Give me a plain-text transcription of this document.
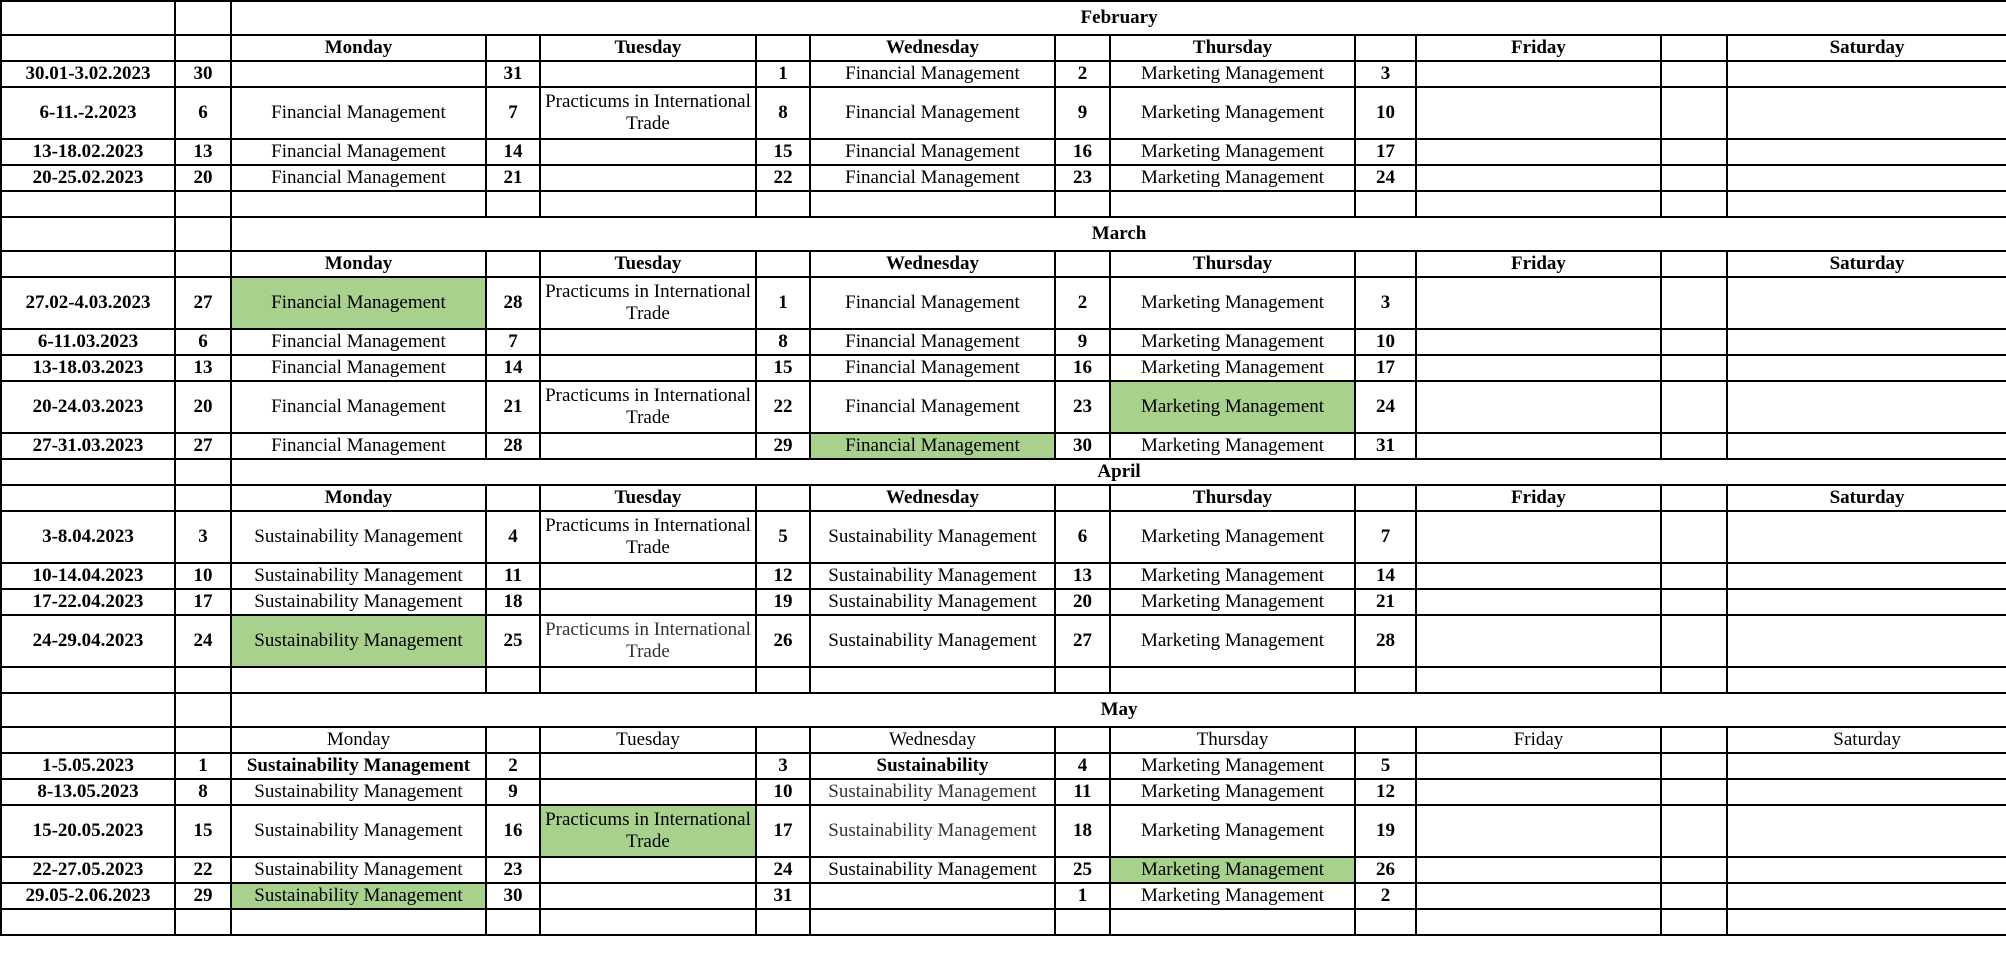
		February										
		Monday		Tuesday		Wednesday		Thursday		Friday		Saturday
30.01-3.02.2023	30		31		1	Financial Management	2	Marketing Management	3			
6-11.-2.2023	6	Financial Management	7	Practicums in International Trade	8	Financial Management	9	Marketing Management	10			
13-18.02.2023	13	Financial Management	14		15	Financial Management	16	Marketing Management	17			
20-25.02.2023	20	Financial Management	21		22	Financial Management	23	Marketing Management	24			

		March										
		Monday		Tuesday		Wednesday		Thursday		Friday		Saturday
27.02-4.03.2023	27	Financial Management	28	Practicums in International Trade	1	Financial Management	2	Marketing Management	3			
6-11.03.2023	6	Financial Management	7		8	Financial Management	9	Marketing Management	10			
13-18.03.2023	13	Financial Management	14		15	Financial Management	16	Marketing Management	17			
20-24.03.2023	20	Financial Management	21	Practicums in International Trade	22	Financial Management	23	Marketing Management	24			
27-31.03.2023	27	Financial Management	28		29	Financial Management	30	Marketing Management	31			
		April										
		Monday		Tuesday		Wednesday		Thursday		Friday		Saturday
3-8.04.2023	3	Sustainability Management	4	Practicums in International Trade	5	Sustainability Management	6	Marketing Management	7			
10-14.04.2023	10	Sustainability Management	11		12	Sustainability Management	13	Marketing Management	14			
17-22.04.2023	17	Sustainability Management	18		19	Sustainability Management	20	Marketing Management	21			
24-29.04.2023	24	Sustainability Management	25	Practicums in International Trade	26	Sustainability Management	27	Marketing Management	28			

		May										
		Monday		Tuesday		Wednesday		Thursday		Friday		Saturday
1-5.05.2023	1	Sustainability Management	2		3	Sustainability	4	Marketing Management	5			
8-13.05.2023	8	Sustainability Management	9		10	Sustainability Management	11	Marketing Management	12			
15-20.05.2023	15	Sustainability Management	16	Practicums in International Trade	17	Sustainability Management	18	Marketing Management	19			
22-27.05.2023	22	Sustainability Management	23		24	Sustainability Management	25	Marketing Management	26			
29.05-2.06.2023	29	Sustainability Management	30		31		1	Marketing Management	2			
